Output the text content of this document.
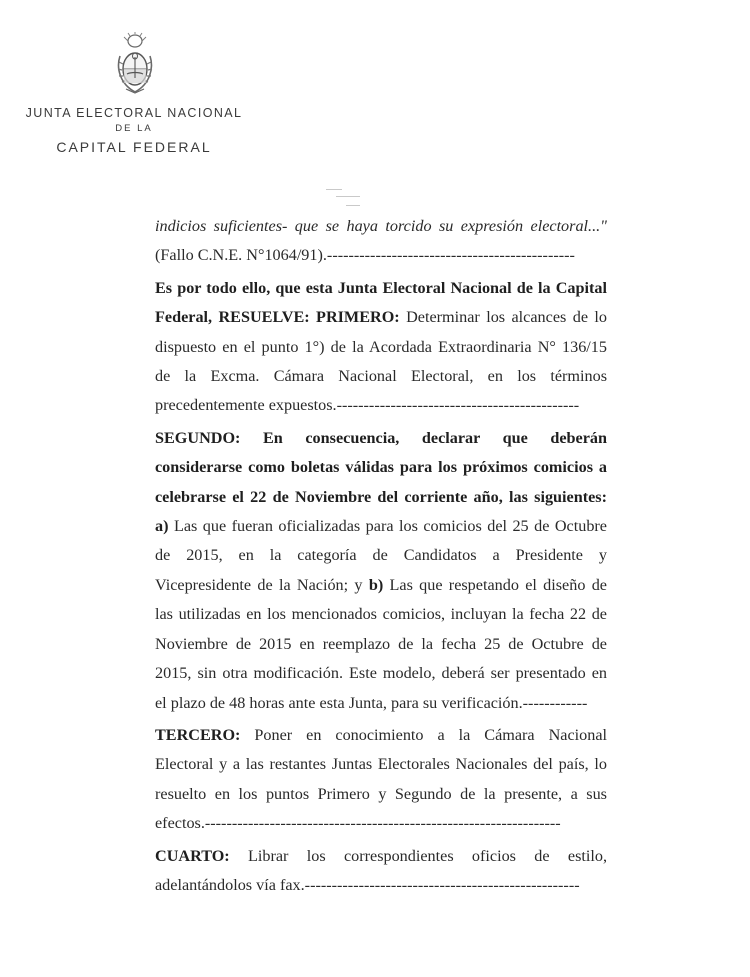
JUNTA ELECTORAL NACIONAL
DE LA
CAPITAL FEDERAL

indicios suficientes- que se haya torcido su expresión electoral..."

(Fallo C.N.E. N°1064/91).----------------------------------------------

Es por todo ello, que esta Junta Electoral Nacional de la Capital

Federal, RESUELVE: PRIMERO: Determinar los alcances de lo

dispuesto en el punto 1°) de la Acordada Extraordinaria N° 136/15

de la Excma. Cámara Nacional Electoral, en los términos

precedentemente expuestos.---------------------------------------------

SEGUNDO: En consecuencia, declarar que deberán

considerarse como boletas válidas para los próximos comicios a

celebrarse el 22 de Noviembre del corriente año, las siguientes:

a) Las que fueran oficializadas para los comicios del 25 de Octubre

de 2015, en la categoría de Candidatos a Presidente y

Vicepresidente de la Nación; y b) Las que respetando el diseño de

las utilizadas en los mencionados comicios, incluyan la fecha 22 de

Noviembre de 2015 en reemplazo de la fecha 25 de Octubre de

2015, sin otra modificación. Este modelo, deberá ser presentado en

el plazo de 48 horas ante esta Junta, para su verificación.------------

TERCERO: Poner en conocimiento a la Cámara Nacional

Electoral y a las restantes Juntas Electorales Nacionales del país, lo

resuelto en los puntos Primero y Segundo de la presente, a sus

efectos.------------------------------------------------------------------

CUARTO: Librar los correspondientes oficios de estilo,

adelantándolos vía fax.---------------------------------------------------
